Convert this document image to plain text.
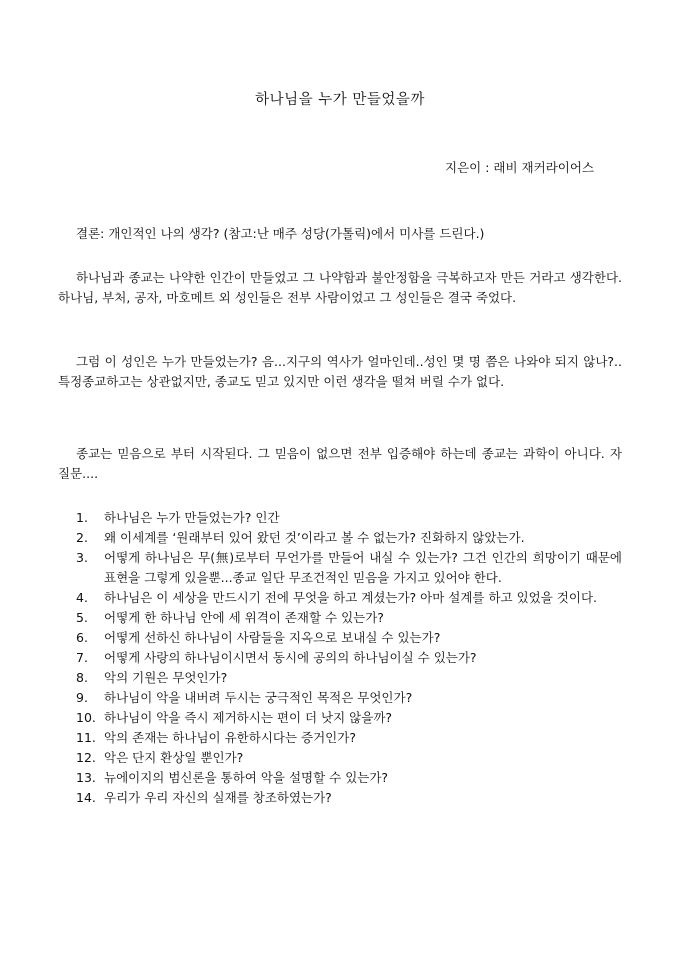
하나님을 누가 만들었을까

지은이 : 래비 재커라이어스

결론: 개인적인 나의 생각? (참고:난 매주 성당(가톨릭)에서 미사를 드린다.)

하나님과 종교는 나약한 인간이 만들었고 그 나약함과 불안정함을 극복하고자 만든 거라고 생각한다. 하나님, 부처, 공자, 마호메트 외 성인들은 전부 사람이었고 그 성인들은 결국 죽었다.

그럼 이 성인은 누가 만들었는가? 음...지구의 역사가 얼마인데..성인 몇 명 쯤은 나와야 되지 않나?.. 특정종교하고는 상관없지만, 종교도 믿고 있지만 이런 생각을 떨쳐 버릴 수가 없다.

종교는 믿음으로 부터 시작된다. 그 믿음이 없으면 전부 입증해야 하는데 종교는 과학이 아니다. 자 질문....

1. 하나님은 누가 만들었는가? 인간
2. 왜 이세계를 ‘원래부터 있어 왔던 것’이라고 볼 수 없는가? 진화하지 않았는가.
3. 어떻게 하나님은 무(無)로부터 무언가를 만들어 내실 수 있는가? 그건 인간의 희망이기 때문에 표현을 그렇게 있을뿐...종교 일단 무조건적인 믿음을 가지고 있어야 한다.
4. 하나님은 이 세상을 만드시기 전에 무엇을 하고 계셨는가? 아마 설계를 하고 있었을 것이다.
5. 어떻게 한 하나님 안에 세 위격이 존재할 수 있는가?
6. 어떻게 선하신 하나님이 사람들을 지옥으로 보내실 수 있는가?
7. 어떻게 사랑의 하나님이시면서 동시에 공의의 하나님이실 수 있는가?
8. 악의 기원은 무엇인가?
9. 하나님이 악을 내버려 두시는 궁극적인 목적은 무엇인가?
10. 하나님이 악을 즉시 제거하시는 편이 더 낫지 않을까?
11. 악의 존재는 하나님이 유한하시다는 증거인가?
12. 악은 단지 환상일 뿐인가?
13. 뉴에이지의 범신론을 통하여 악을 설명할 수 있는가?
14. 우리가 우리 자신의 실재를 창조하였는가?
